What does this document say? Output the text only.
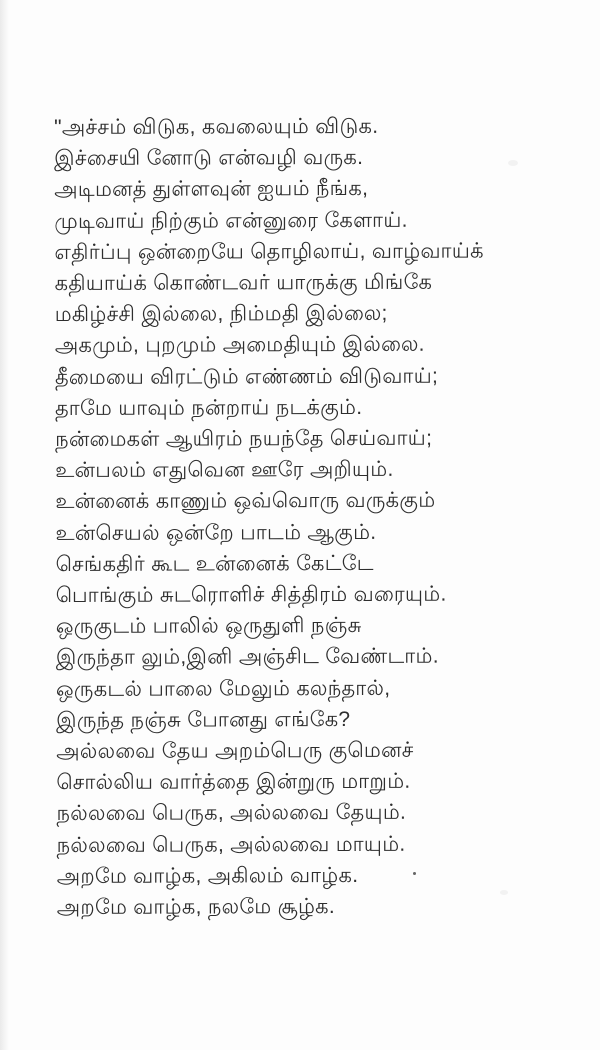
"அச்சம் விடுக, கவலையும் விடுக.
இச்சையி னோடு என்வழி வருக.
அடிமனத் துள்ளவுன் ஐயம் நீங்க,
முடிவாய் நிற்கும் என்னுரை கேளாய்.
எதிர்ப்பு ஒன்றையே தொழிலாய், வாழ்வாய்க்
கதியாய்க் கொண்டவர் யாருக்கு மிங்கே
மகிழ்ச்சி இல்லை, நிம்மதி இல்லை;
அகமும், புறமும் அமைதியும் இல்லை.
தீமையை விரட்டும் எண்ணம் விடுவாய்;
தாமே யாவும் நன்றாய் நடக்கும்.
நன்மைகள் ஆயிரம் நயந்தே செய்வாய்;
உன்பலம் எதுவென ஊரே அறியும்.
உன்னைக் காணும் ஒவ்வொரு வருக்கும்
உன்செயல் ஒன்றே பாடம் ஆகும்.
செங்கதிர் கூட உன்னைக் கேட்டே
பொங்கும் சுடரொளிச் சித்திரம் வரையும்.
ஒருகுடம் பாலில் ஒருதுளி நஞ்சு
இருந்தா லும்,இனி அஞ்சிட வேண்டாம்.
ஒருகடல் பாலை மேலும் கலந்தால்,
இருந்த நஞ்சு போனது எங்கே?
அல்லவை தேய அறம்பெரு குமெனச்
சொல்லிய வார்த்தை இன்றுரு மாறும்.
நல்லவை பெருக, அல்லவை தேயும்.
நல்லவை பெருக, அல்லவை மாயும்.
அறமே வாழ்க, அகிலம் வாழ்க.
அறமே வாழ்க, நலமே சூழ்க.
